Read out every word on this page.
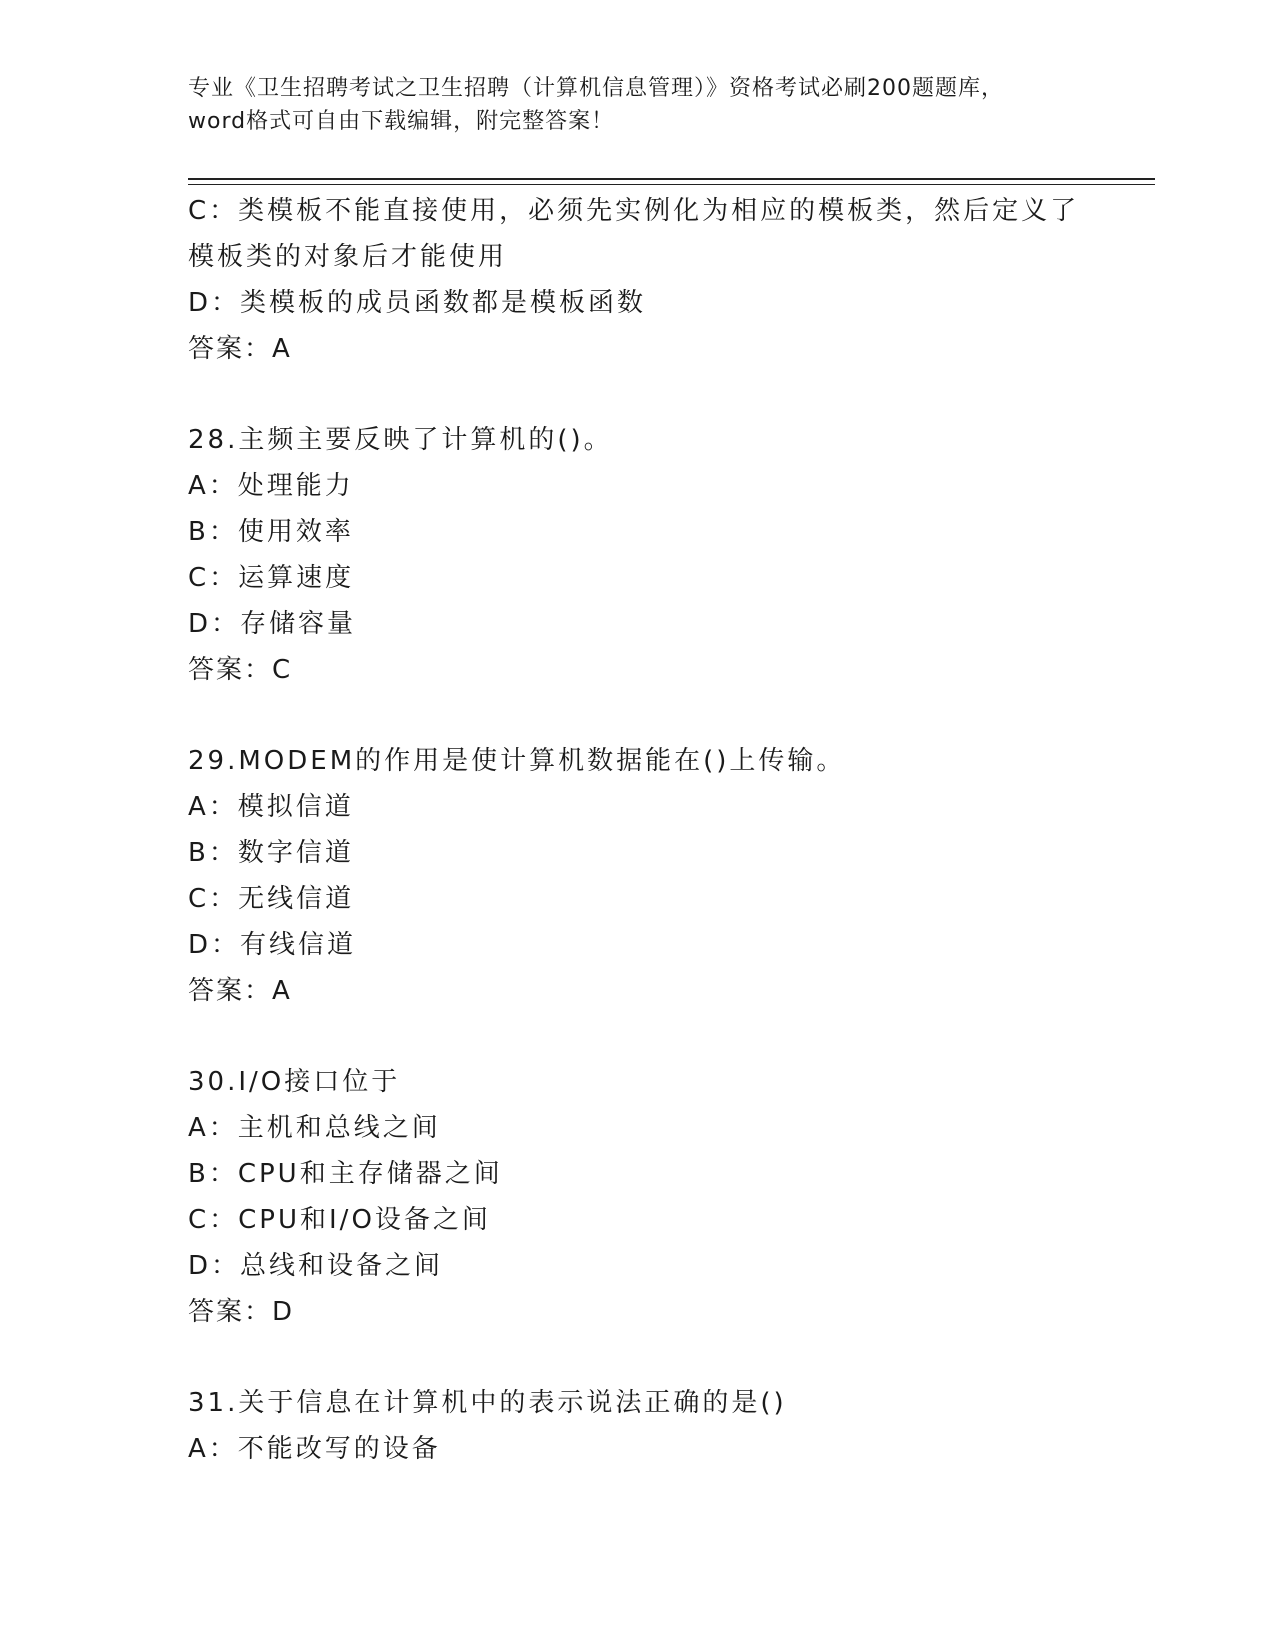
专业《卫生招聘考试之卫生招聘（计算机信息管理）》资格考试必刷200题题库，
word格式可自由下载编辑，附完整答案！
C：类模板不能直接使用，必须先实例化为相应的模板类，然后定义了
模板类的对象后才能使用
D：类模板的成员函数都是模板函数
答案：A
28.主频主要反映了计算机的()。
A：处理能力
B：使用效率
C：运算速度
D：存储容量
答案：C
29.MODEM的作用是使计算机数据能在()上传输。
A：模拟信道
B：数字信道
C：无线信道
D：有线信道
答案：A
30.I/O接口位于
A：主机和总线之间
B：CPU和主存储器之间
C：CPU和I/O设备之间
D：总线和设备之间
答案：D
31.关于信息在计算机中的表示说法正确的是()
A：不能改写的设备
